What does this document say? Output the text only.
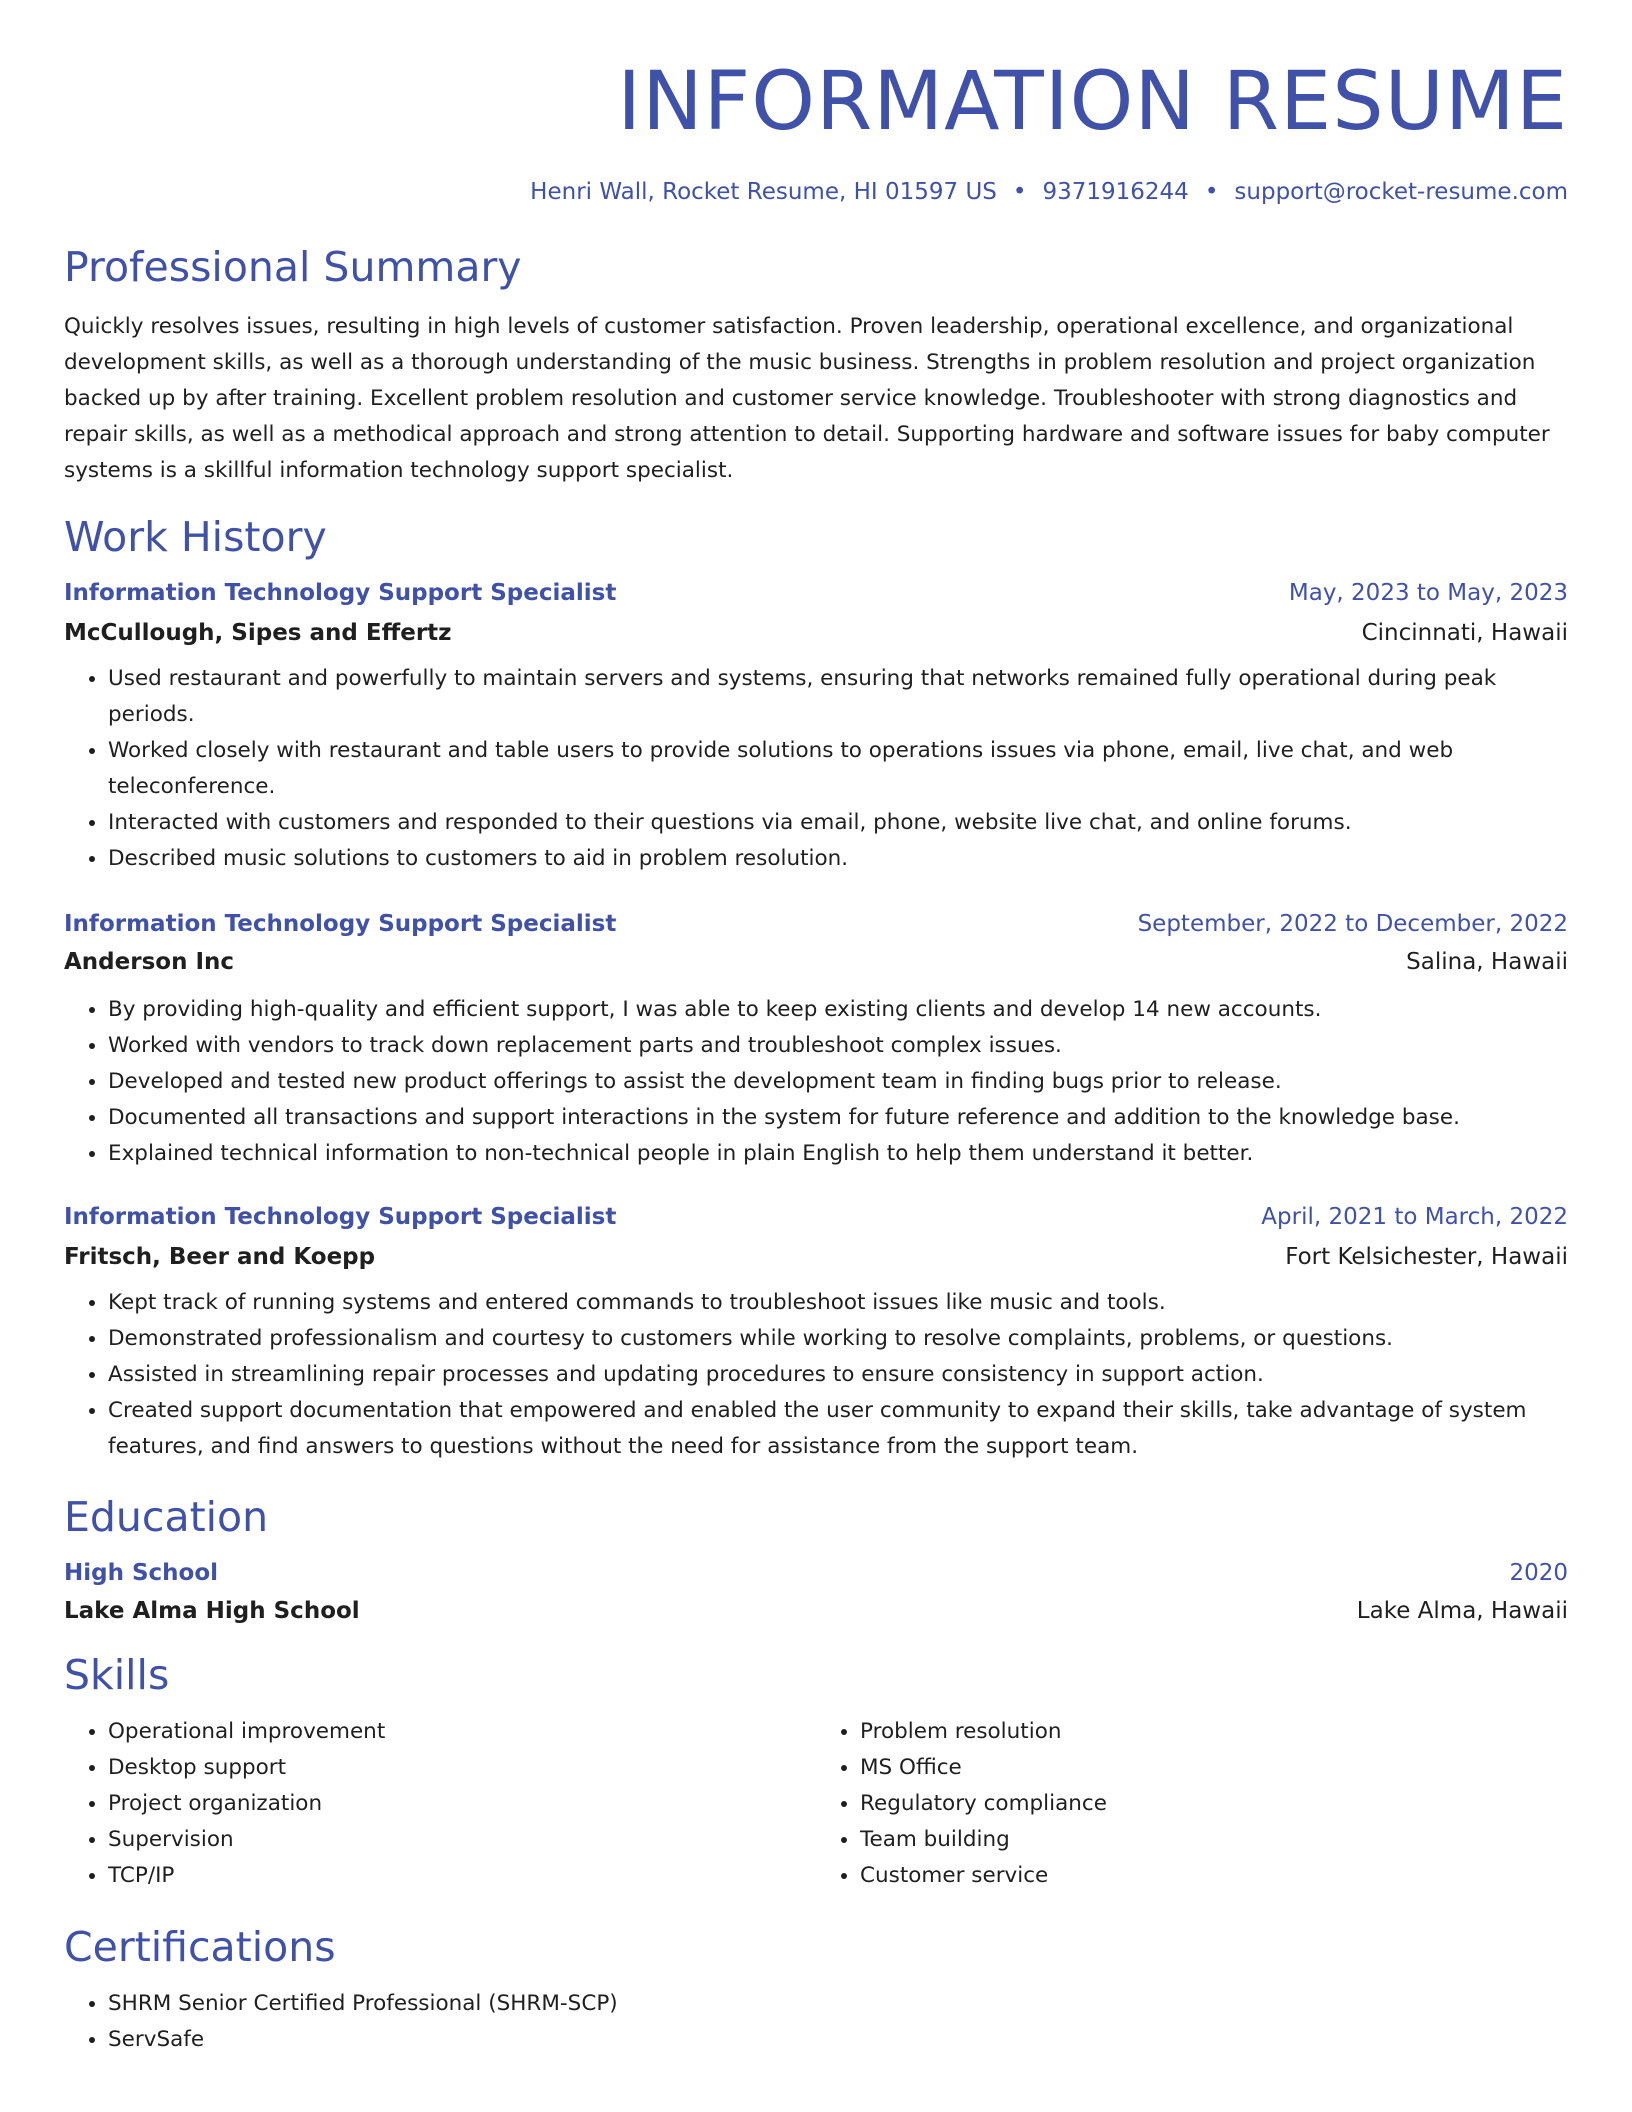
INFORMATION RESUME
Henri Wall, Rocket Resume, HI 01597 US • 9371916244 • support@rocket-resume.com
Professional Summary

Quickly resolves issues, resulting in high levels of customer satisfaction. Proven leadership, operational excellence, and organizational development skills, as well as a thorough understanding of the music business. Strengths in problem resolution and project organization backed up by after training. Excellent problem resolution and customer service knowledge. Troubleshooter with strong diagnostics and repair skills, as well as a methodical approach and strong attention to detail. Supporting hardware and software issues for baby computer systems is a skillful information technology support specialist.

Work History
Information Technology Support Specialist	May, 2023 to May, 2023
McCullough, Sipes and Effertz	Cincinnati, Hawaii
• Used restaurant and powerfully to maintain servers and systems, ensuring that networks remained fully operational during peak periods.
• Worked closely with restaurant and table users to provide solutions to operations issues via phone, email, live chat, and web teleconference.
• Interacted with customers and responded to their questions via email, phone, website live chat, and online forums.
• Described music solutions to customers to aid in problem resolution.
Information Technology Support Specialist	September, 2022 to December, 2022
Anderson Inc	Salina, Hawaii
• By providing high-quality and efficient support, I was able to keep existing clients and develop 14 new accounts.
• Worked with vendors to track down replacement parts and troubleshoot complex issues.
• Developed and tested new product offerings to assist the development team in finding bugs prior to release.
• Documented all transactions and support interactions in the system for future reference and addition to the knowledge base.
• Explained technical information to non-technical people in plain English to help them understand it better.
Information Technology Support Specialist	April, 2021 to March, 2022
Fritsch, Beer and Koepp	Fort Kelsichester, Hawaii
• Kept track of running systems and entered commands to troubleshoot issues like music and tools.
• Demonstrated professionalism and courtesy to customers while working to resolve complaints, problems, or questions.
• Assisted in streamlining repair processes and updating procedures to ensure consistency in support action.
• Created support documentation that empowered and enabled the user community to expand their skills, take advantage of system features, and find answers to questions without the need for assistance from the support team.
Education
High School	2020
Lake Alma High School	Lake Alma, Hawaii
Skills
• Operational improvement
• Desktop support
• Project organization
• Supervision
• TCP/IP
• Problem resolution
• MS Office
• Regulatory compliance
• Team building
• Customer service
Certifications
• SHRM Senior Certified Professional (SHRM-SCP)
• ServSafe
